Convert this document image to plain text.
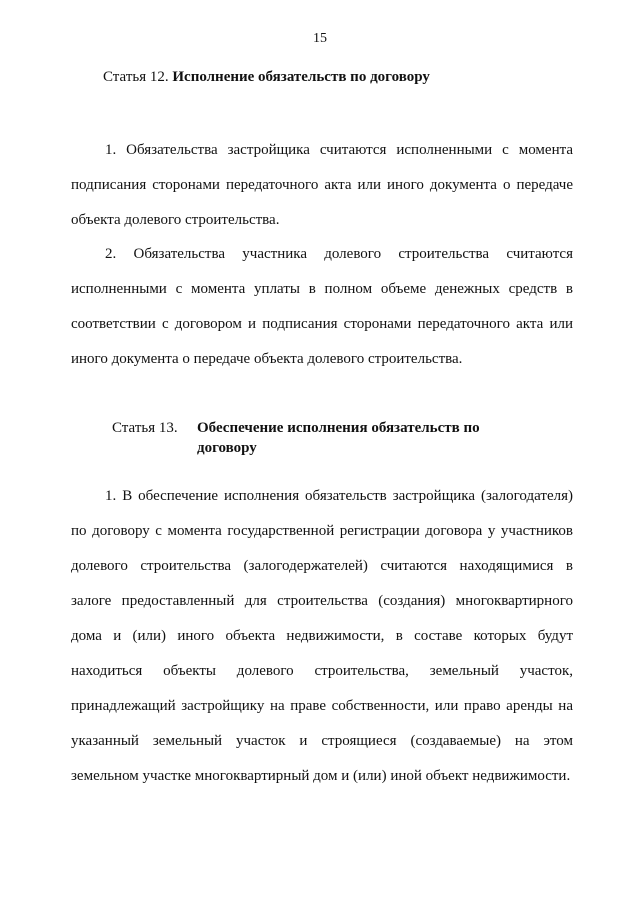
15
Статья 12. Исполнение обязательств по договору

1. Обязательства застройщика считаются исполненными с момента подписания сторонами передаточного акта или иного документа о передаче объекта долевого строительства.

2. Обязательства участника долевого строительства считаются исполненными с момента уплаты в полном объеме денежных средств в соответствии с договором и подписания сторонами передаточного акта или иного документа о передаче объекта долевого строительства.

Статья 13. Обеспечение исполнения обязательств по договору

1. В обеспечение исполнения обязательств застройщика (залогодателя) по договору с момента государственной регистрации договора у участников долевого строительства (залогодержателей) считаются находящимися в залоге предоставленный для строительства (создания) многоквартирного дома и (или) иного объекта недвижимости, в составе которых будут находиться объекты долевого строительства, земельный участок, принадлежащий застройщику на праве собственности, или право аренды на указанный земельный участок и строящиеся (создаваемые) на этом земельном участке многоквартирный дом и (или) иной объект недвижимости.
